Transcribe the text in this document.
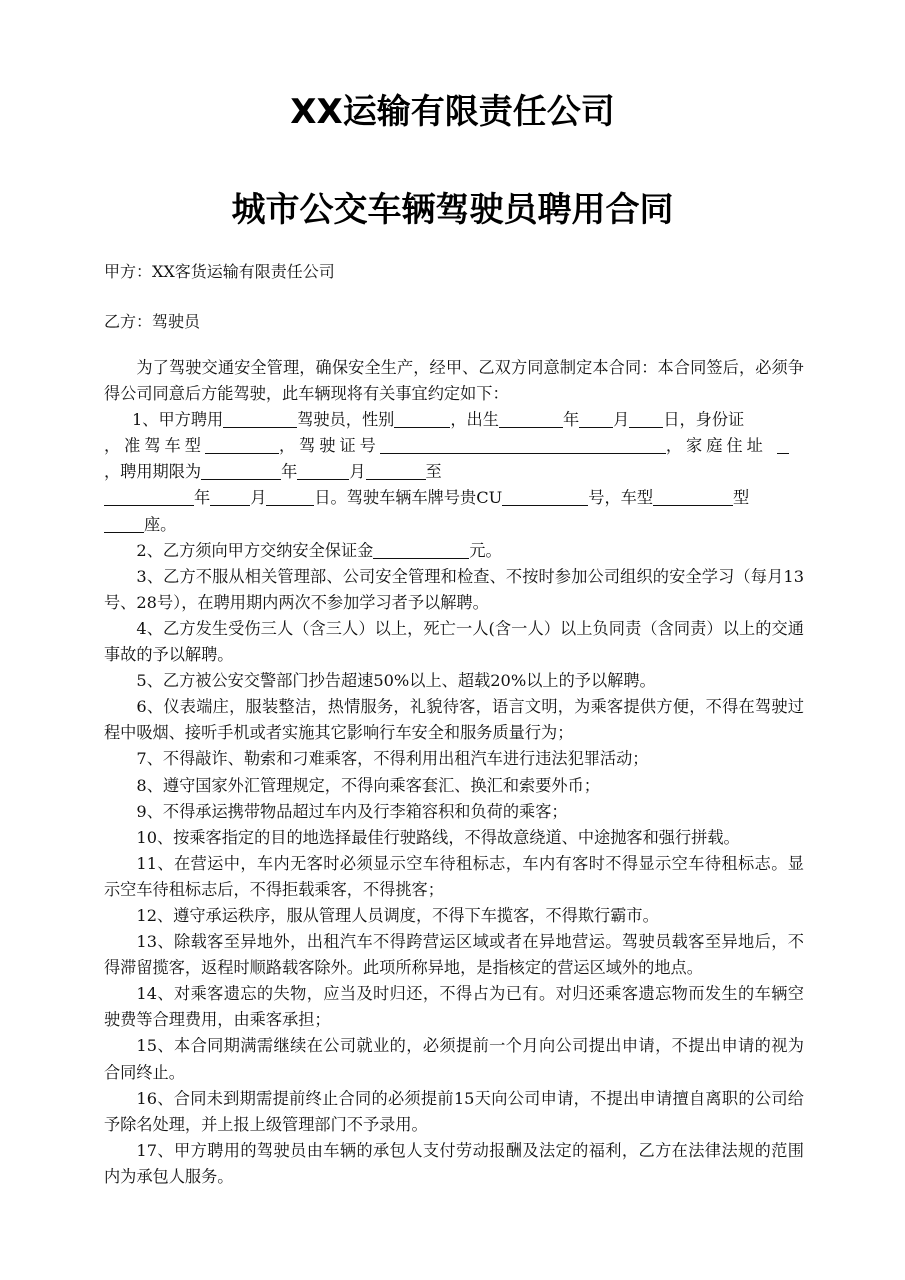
XX运输有限责任公司
城市公交车辆驾驶员聘用合同
甲方：XX客货运输有限责任公司
乙方：驾驶员

为了驾驶交通安全管理，确保安全生产，经甲、乙双方同意制定本合同：本合同签后，必须争得公司同意后方能驾驶，此车辆现将有关事宜约定如下：

1、甲方聘用	驾驶员，性别	，出生	年 月 日，身份证
，准驾车型	，驾驶证号	，家庭住址
，聘用期限为	年	月	至
年 月	日。驾驶车辆车牌号贵CU	号，车型	型
座。
2、乙方须向甲方交纳安全保证金	元。

3、乙方不服从相关管理部、公司安全管理和检查、不按时参加公司组织的安全学习（每月13号、28号），在聘用期内两次不参加学习者予以解聘。

4、乙方发生受伤三人（含三人）以上，死亡一人(含一人）以上负同责（含同责）以上的交通事故的予以解聘。

5、乙方被公安交警部门抄告超速50%以上、超载20%以上的予以解聘。

6、仪表端庄，服装整洁，热情服务，礼貌待客，语言文明，为乘客提供方便，不得在驾驶过程中吸烟、接听手机或者实施其它影响行车安全和服务质量行为；

7、不得敲诈、勒索和刁难乘客，不得利用出租汽车进行违法犯罪活动；

8、遵守国家外汇管理规定，不得向乘客套汇、换汇和索要外币；

9、不得承运携带物品超过车内及行李箱容积和负荷的乘客；

10、按乘客指定的目的地选择最佳行驶路线，不得故意绕道、中途抛客和强行拼载。

11、在营运中，车内无客时必须显示空车待租标志，车内有客时不得显示空车待租标志。显示空车待租标志后，不得拒载乘客，不得挑客；

12、遵守承运秩序，服从管理人员调度，不得下车揽客，不得欺行霸市。

13、除载客至异地外，出租汽车不得跨营运区域或者在异地营运。驾驶员载客至异地后，不得滞留揽客，返程时顺路载客除外。此项所称异地，是指核定的营运区域外的地点。

14、对乘客遗忘的失物，应当及时归还，不得占为已有。对归还乘客遗忘物而发生的车辆空驶费等合理费用，由乘客承担；

15、本合同期满需继续在公司就业的，必须提前一个月向公司提出申请，不提出申请的视为合同终止。

16、合同未到期需提前终止合同的必须提前15天向公司申请，不提出申请擅自离职的公司给予除名处理，并上报上级管理部门不予录用。

17、甲方聘用的驾驶员由车辆的承包人支付劳动报酬及法定的福利，乙方在法律法规的范围内为承包人服务。
